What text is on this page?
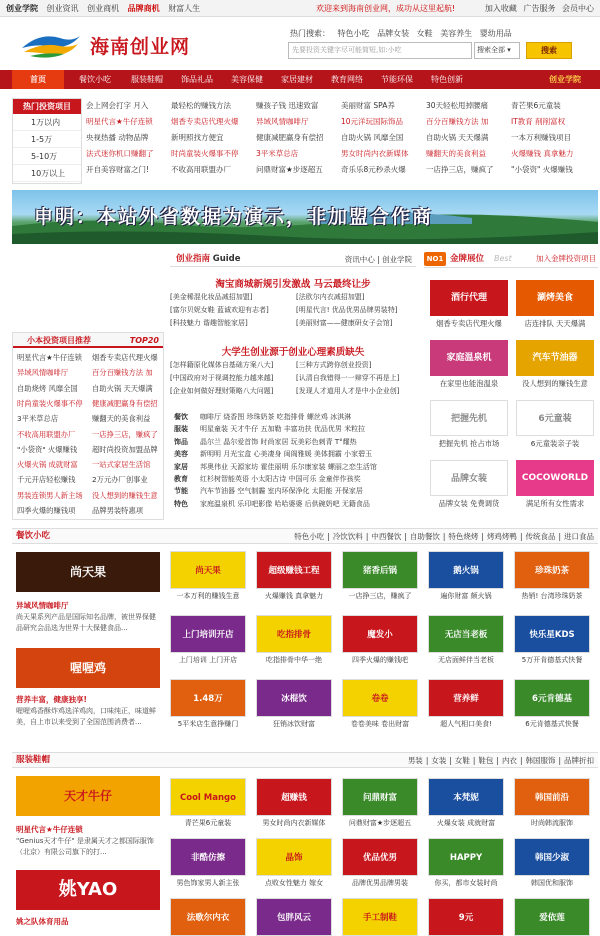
创业学院 创业资讯 创业商机 品牌商机 财富人生	欢迎来到海南创业网，成功从这里起航!	加入收藏 广告服务 会员中心
海南创业网
热门搜索： 特色小吃 品牌女装 女鞋 美容养生 婴幼用品
先要投资关键字尽可能简短,如:小吃	搜索全部 ▾	搜索
首页	餐饮小吃	服装鞋帽	饰品礼品	美容保健	家居建材	教育网络	节能环保	特色创新	创业学院
热门投资项目
1万以内
1-5万
5-10万
10万以上
会上网会打字 月入	最轻松的赚钱方法	赚孩子钱 迅速致富	美丽财富 SPA养	30天轻松甩掉腰痛	青芒果6元童装
明星代言★牛仔连锁	烟香专卖店代理火爆	异域风情咖啡厅	10元洋玩国际饰品	百分百赚钱方法 加	IT教育 削削富权
央视热播 动物品牌	新明照找方便宜	健康减肥赢身有偿招	自助火锅 风靡全国	自助火锅 天天爆满	一本万利赚钱项目
法式迷你机口赚翻了	时尚童装火爆事不停	3平米草总店	男女时尚内衣新媒体	赚翻天的美食利益	火爆赚钱 真拿魅力
开自美容财富之门!	不收高用联盟办厂	问鼎财富★步逐超五	奇乐乐8元秒杀火爆	一店挣三店，赚疯了	"小袋资" 火爆赚钱
申明：本站外省数据为演示，非加盟合作商
小本投资项目推荐	TOP20
明星代言★牛仔连锁	烟香专卖店代理火爆
异域风情咖啡厅	百分百赚钱方法 加
自助烧烤 风靡全国	自助火锅 天天爆满
时尚童装火爆事不停	健康减肥赢身有偿招
3平米草总店	赚翻天的美食利益
不收高用联盟办厂	一店挣三店，赚疯了
"小袋资" 火爆赚钱	超时尚投资加盟品牌
火爆火锅 成就财富	一站式家居生活馆
千元开店轻松赚钱	2万元办厂创事业
男装连锁男人新主场	没人想到的赚钱生意
四季火爆的赚钱项	品牌男装特惠项
创业指南 Guide	资讯中心 | 创业学院
淘宝商城新规引发激战 马云最终让步
[美金稀混化妆品减招加盟]	[法欧尔内衣减招加盟]
[富尔贝妮女鞋 蓝诚欢迎有志者]	[明星代言! 优品优男品牌男装特]
[科技魅力 谐趣智能家居]	[美丽财富——健康研女子会馆]
大学生创业源于创业心理素质缺失
[怎样籍原化媒体自基础方案八大]	[三种方式跨你创业投资]
[中国政府对于视调控能力越来越]	[认清自我错得一一辩穿不再是上]
[企业如何做好理财策略八大问题]	[发现人才道用人才是中小企业创]
餐饮 咖啡厅 烧香图 珍珠奶茶 吃指排骨 螺丝鸡 冰淇淋
服装 明星童装 天才牛仔 五加勒 丰富功扶 优品优男 米粒拉
饰品 晶尔兰 晶尔爱首饰 时尚家居 玩美彩色刺青 T°耀热
美容 新明明 月光宝盒 心美凄身 闺阁雅媛 美体拥霸 小家碧玉
家居 邦奥伟业 天源家坊 霍佳丽明 乐尔康家装 螺丽之恋生活馆
教育 红杉树智能英语 小太阳古诗 中国可乐 金童伴作孩奖
节能 汽车节油器 空气制霾 室内环保净化 太阳能 开保家居
特色 家庭温泉机 乐印吧影像 哈哈婆婆 后供碗奶吧 无籍食品
NO1 金牌展位 Best	加入金牌投资项目
酒行代理
烟香专卖店代理火爆
涮烤美食
店连排队 天天爆满
家庭温泉机
在家里也能泡温泉
汽车节油器
没人想到的赚钱生意
把握先机
把握先机 抢占市场
6元童装
6元童装亲子装
品牌女装
品牌女装 免费调货
COCOWORLD
满足所有女性需求
餐饮小吃	特色小吃 | 冷饮饮料 | 中西餐饮 | 自助餐饮 | 特色烧烤 | 烤鸡烤鸭 | 传统食品 | 进口食品
尚天果
异域风情咖啡厅
尚天果系列产品是国际知名品牌，被世界保健品研究会品选为世界十大保健食品...
喔喔鸡
营养丰富，健康独享!
喔喔鸡香酥炸鸡选洋鸡肉，口味纯正，味道鲜美，自上市以来受到了全国范围消费者...
尚天果
一本万利的赚钱生意
超级赚钱工程
火爆赚钱 真拿魅力
猪香后锅
一店挣三店，赚疯了
鹅火锅
遍你财富 颇火锅
珍珠奶茶
热销! 台湾珍珠奶茶
上门培训开店
上门培训 上门开店
吃指排骨
吃指排骨中华一绝
魔发小
四季火爆的赚钱吧
无店当老板
无店面鲜伴当老板
快乐星KDS
5万开肯德基式快餐
1.48万
5平米店生意挣赚门
冰棍饮
狂销冰饮财富
卷卷
卷卷美味 卷出财富
营养鲜
超人气相口美食!
6元肯德基
6元肯德基式快餐
服装鞋帽	男装 | 女装 | 女鞋 | 鞋包 | 内衣 | 韩国服饰 | 品牌折扣
天才牛仔
明星代言★牛仔连锁
"Genius天才牛仔" 是隶属天才之都国际服饰（北京）有限公司旗下的打...
姚YAO
姚之队体育用品
Cool Mango
青芒果6元童装
超赚钱
男女时尚内衣新媒体
问鼎财富
问鼎财富★步逐超五
本梵妮
火爆女装 成就财富
韩国前沿
时尚韩流服饰
非酷仿擦
男色饰家男人新主张
晶饰
点败女性魅力 嫁女
优品优男
品牌优男品牌男装
HAPPY
你买，都市女装时尚
韩国少淑
韩国优和服饰
法歌尔内衣	包胖风云	手工制鞋	9元	爱依莲
